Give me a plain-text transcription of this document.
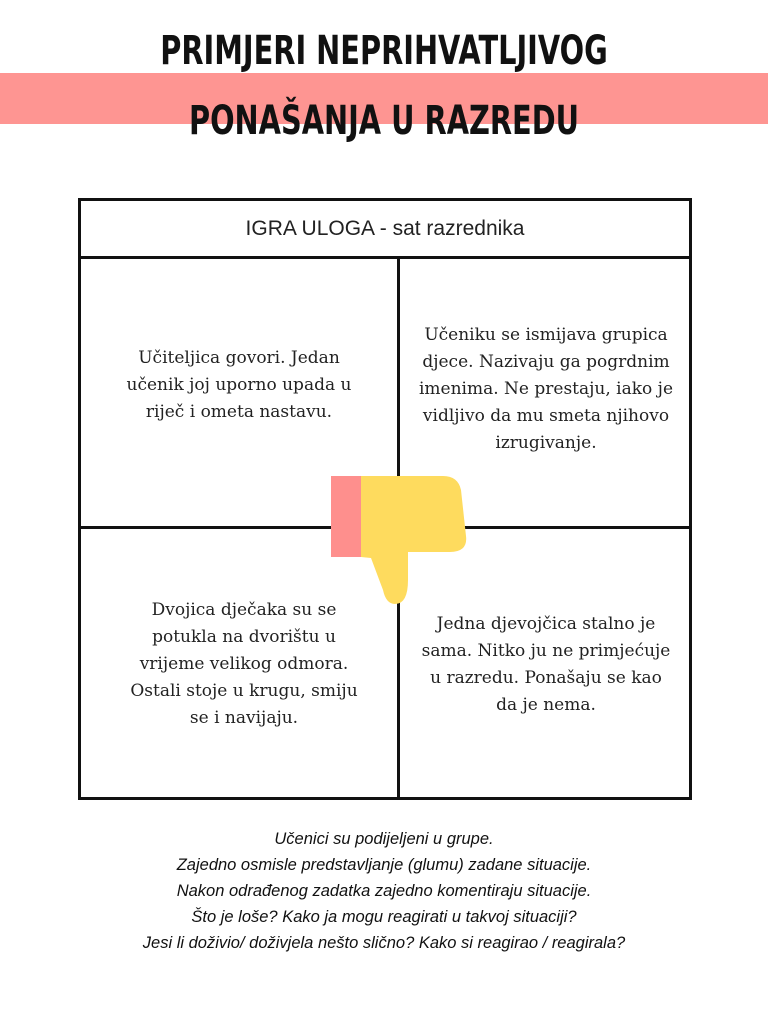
PRIMJERI NEPRIHVATLJIVOG
PONAŠANJA U RAZREDU
IGRA ULOGA - sat razrednika
Učiteljica govori. Jedan učenik joj uporno upada u riječ i ometa nastavu.
Učeniku se ismijava grupica djece. Nazivaju ga pogrdnim imenima. Ne prestaju, iako je vidljivo da mu smeta njihovo izrugivanje.
Dvojica dječaka su se potukla na dvorištu u vrijeme velikog odmora. Ostali stoje u krugu, smiju se i navijaju.
Jedna djevojčica stalno je sama. Nitko ju ne primjećuje u razredu. Ponašaju se kao da je nema.
Učenici su podijeljeni u grupe.
Zajedno osmisle predstavljanje (glumu) zadane situacije.
Nakon odrađenog zadatka zajedno komentiraju situacije.
Što je loše? Kako ja mogu reagirati u takvoj situaciji?
Jesi li doživio/ doživjela nešto slično? Kako si reagirao / reagirala?
